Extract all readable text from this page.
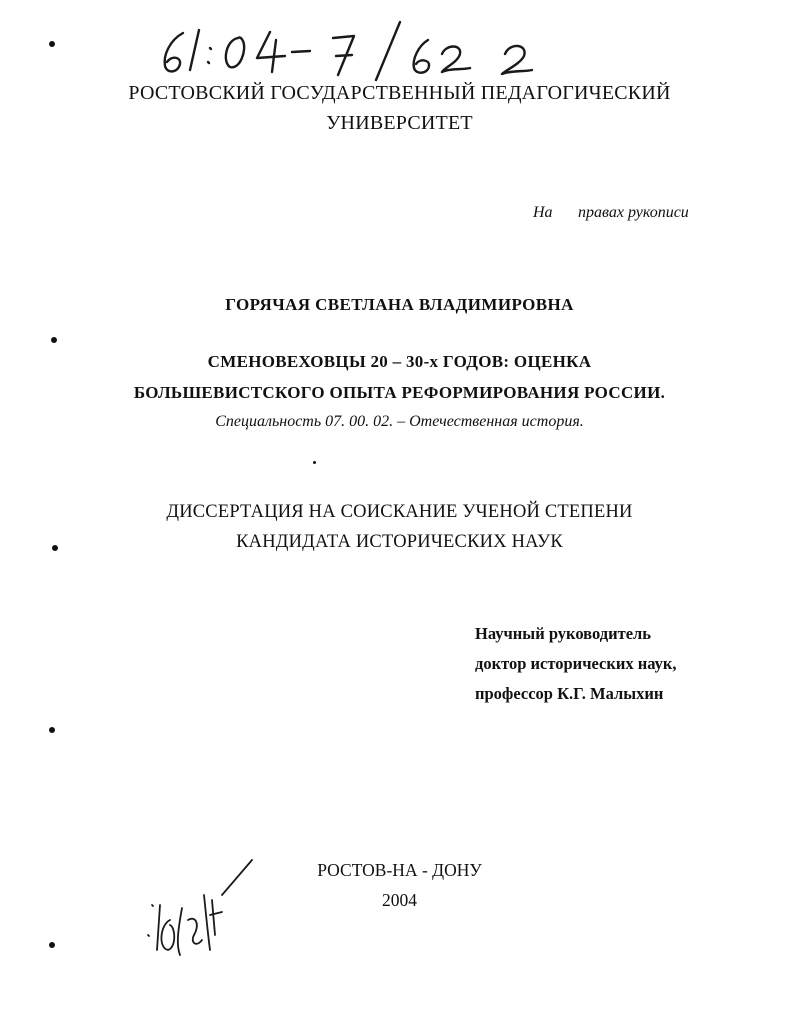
РОСТОВСКИЙ ГОСУДАРСТВЕННЫЙ ПЕДАГОГИЧЕСКИЙ
УНИВЕРСИТЕТ
На правах рукописи
ГОРЯЧАЯ СВЕТЛАНА ВЛАДИМИРОВНА
СМЕНОВЕХОВЦЫ 20 – 30-х ГОДОВ: ОЦЕНКА
БОЛЬШЕВИСТСКОГО ОПЫТА РЕФОРМИРОВАНИЯ РОССИИ.
Специальность 07. 00. 02. – Отечественная история.
ДИССЕРТАЦИЯ НА СОИСКАНИЕ УЧЕНОЙ СТЕПЕНИ
КАНДИДАТА ИСТОРИЧЕСКИХ НАУК
Научный руководитель
доктор исторических наук,
профессор К.Г. Малыхин
РОСТОВ-НА - ДОНУ
2004
